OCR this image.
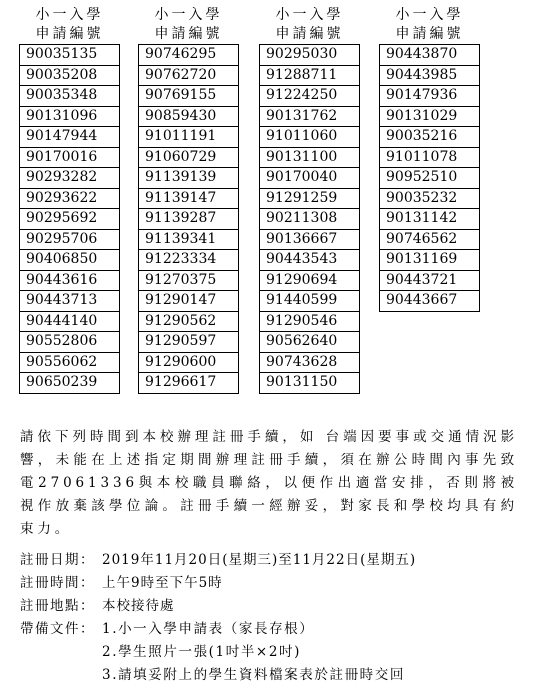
小一入學
申請編號
90035135
90035208
90035348
90131096
90147944
90170016
90293282
90293622
90295692
90295706
90406850
90443616
90443713
90444140
90552806
90556062
90650239
小一入學
申請編號
90746295
90762720
90769155
90859430
91011191
91060729
91139139
91139147
91139287
91139341
91223334
91270375
91290147
91290562
91290597
91290600
91296617
小一入學
申請編號
90295030
91288711
91224250
90131762
91011060
90131100
90170040
91291259
90211308
90136667
90443543
91290694
91440599
91290546
90562640
90743628
90131150
小一入學
申請編號
90443870
90443985
90147936
90131029
90035216
91011078
90952510
90035232
90131142
90746562
90131169
90443721
90443667

請依下列時間到本校辦理註冊手續，如 台端因要事或交通情況影響，未能在上述指定期間辦理註冊手續，須在辦公時間內事先致電27061336與本校職員聯絡，以便作出適當安排，否則將被視作放棄該學位論。註冊手續一經辦妥，對家長和學校均具有約束力。

註冊日期： 2019年11月20日(星期三)至11月22日(星期五)
註冊時間： 上午9時至下午5時
註冊地點： 本校接待處
帶備文件： 1.小一入學申請表（家長存根）
2.學生照片一張(1吋半×2吋)
3.請填妥附上的學生資料檔案表於註冊時交回
